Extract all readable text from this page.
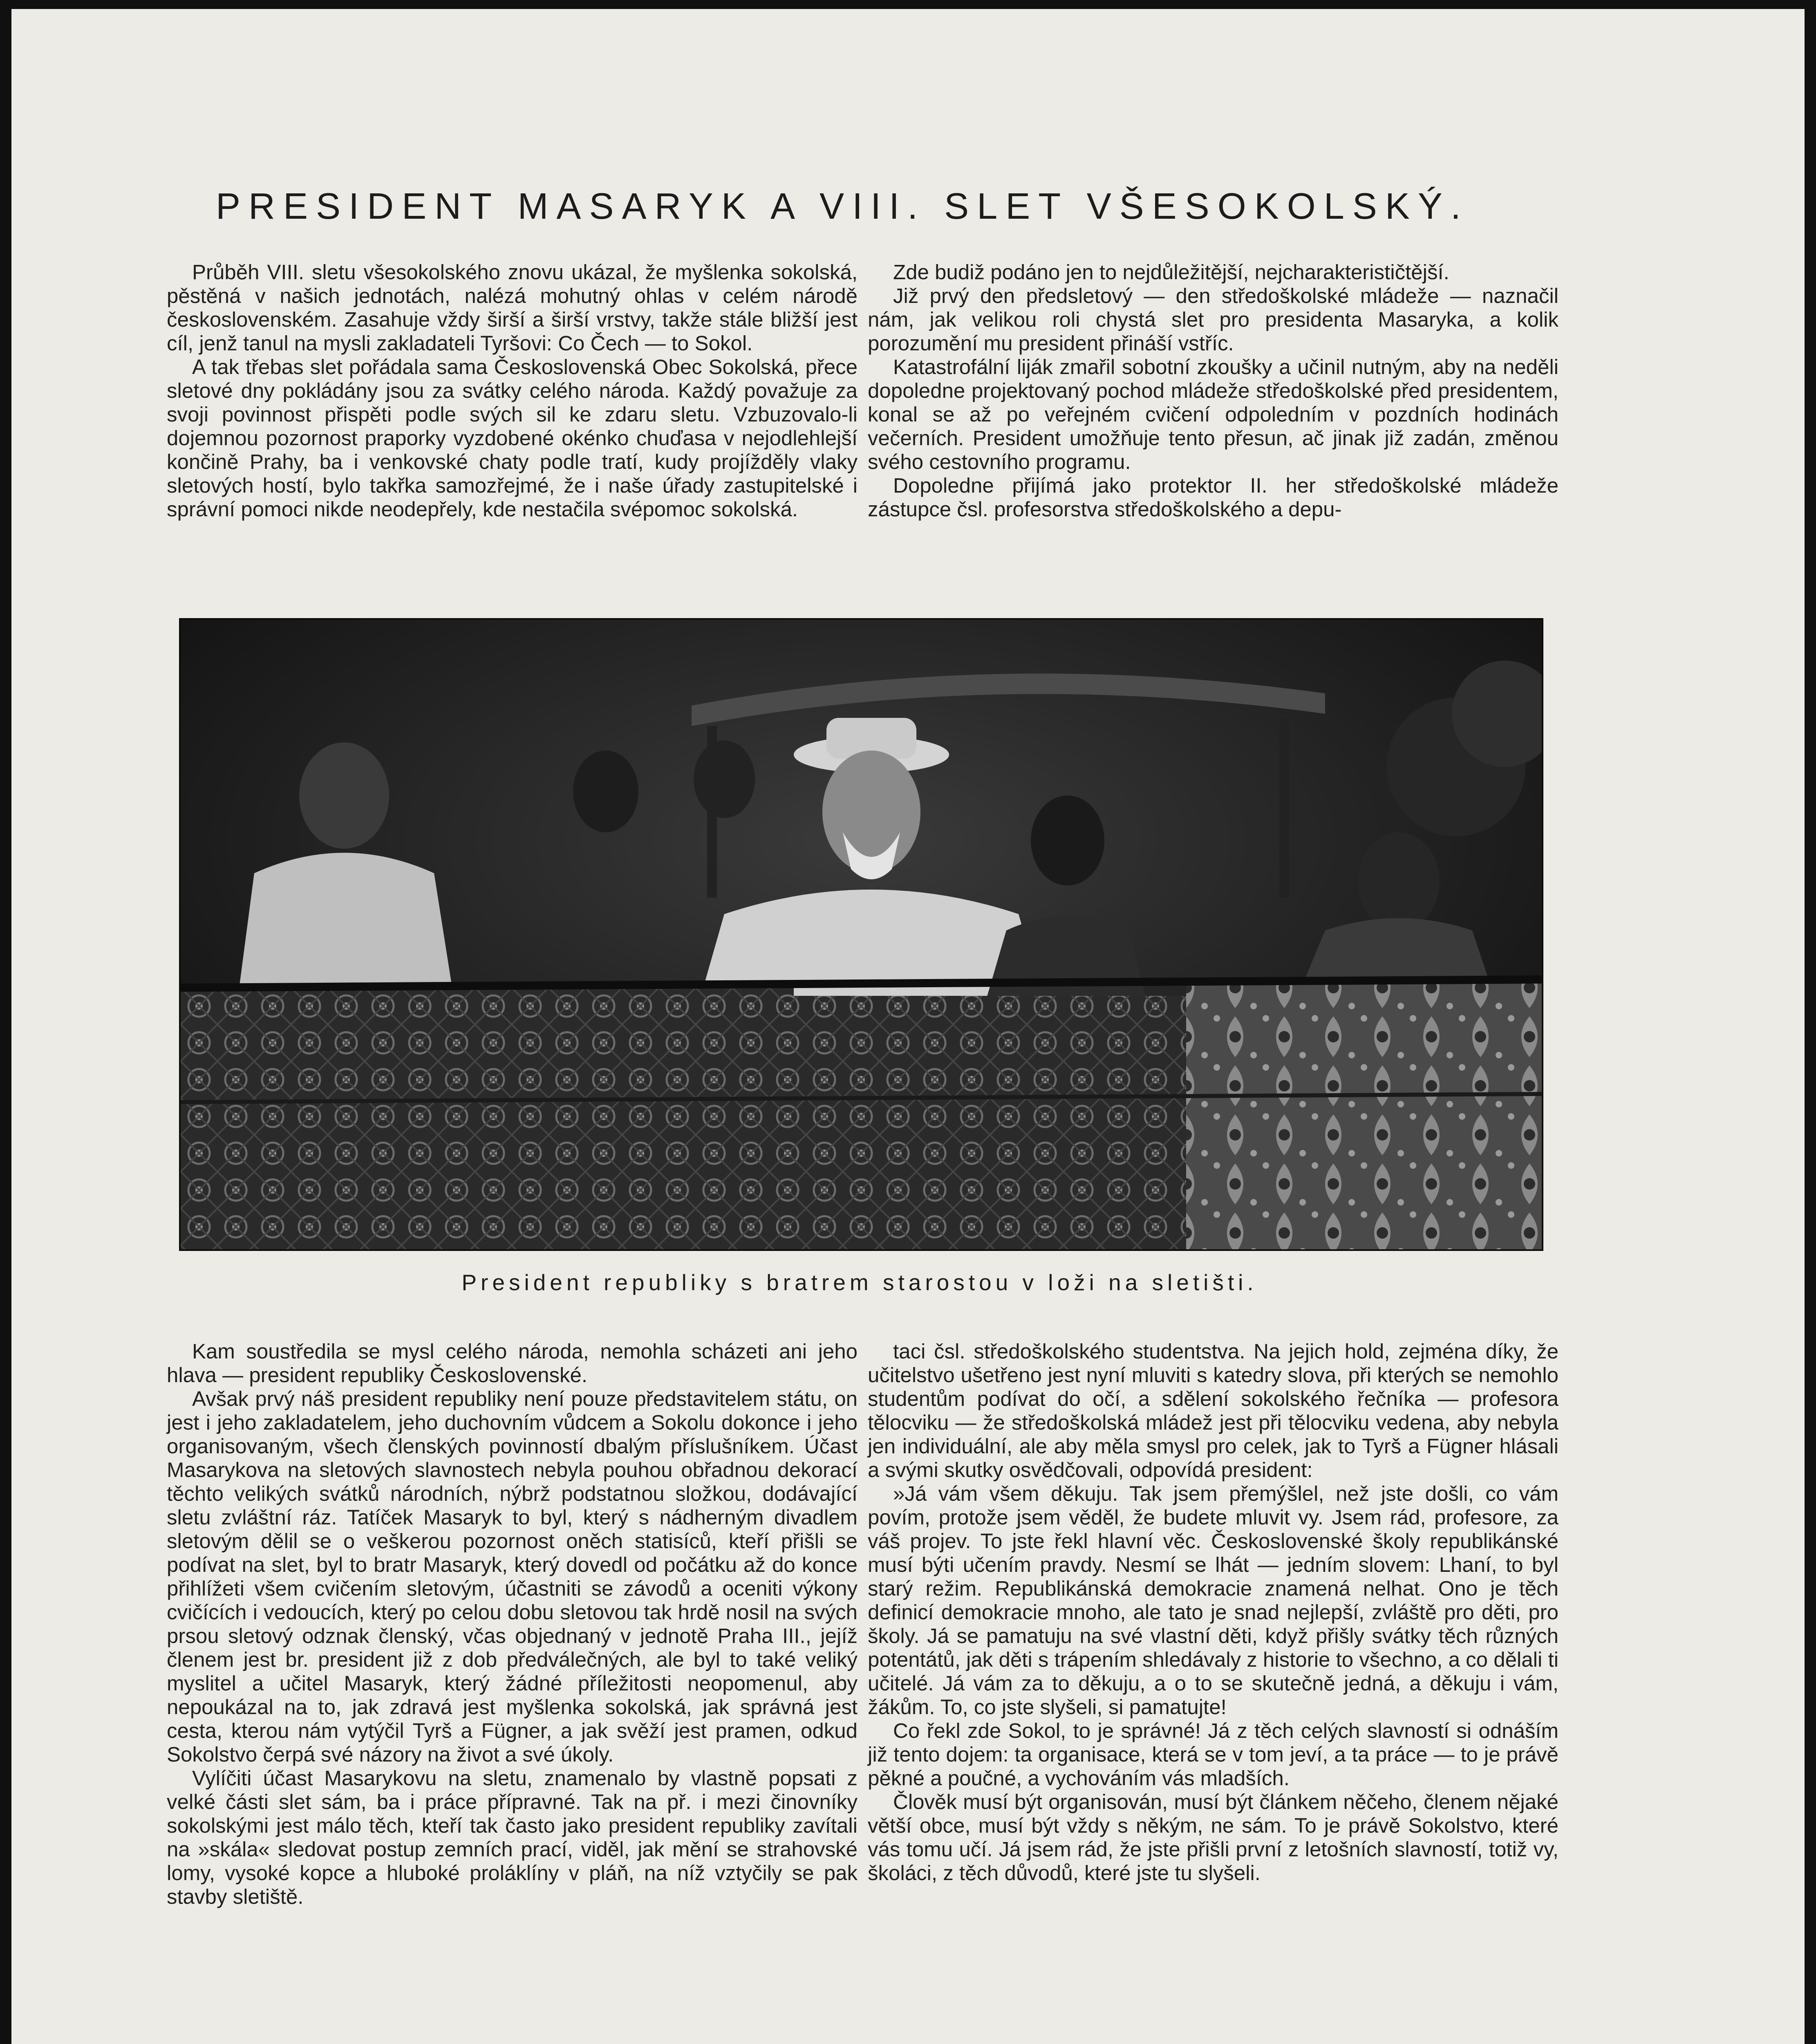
PRESIDENT MASARYK A VIII. SLET VŠESOKOLSKÝ.

Průběh VIII. sletu všesokolského znovu ukázal, že myšlenka sokolská, pěstěná v našich jednotách, nalézá mohutný ohlas v celém národě československém. Zasahuje vždy širší a širší vrstvy, takže stále bližší jest cíl, jenž tanul na mysli zakladateli Tyršovi: Co Čech — to Sokol.

A tak třebas slet pořádala sama Československá Obec Sokolská, přece sletové dny pokládány jsou za svátky celého národa. Každý považuje za svoji povinnost přispěti podle svých sil ke zdaru sletu. Vzbuzovalo-li dojemnou pozornost praporky vyzdobené okénko chuďasa v nejodlehlejší končině Prahy, ba i venkovské chaty podle tratí, kudy projížděly vlaky sletových hostí, bylo takřka samozřejmé, že i naše úřady zastupitelské i správní pomoci nikde neodepřely, kde nestačila svépomoc sokolská.

Zde budiž podáno jen to nejdůležitější, nejcharakterističtější.

Již prvý den předsletový — den středoškolské mládeže — naznačil nám, jak velikou roli chystá slet pro presidenta Masaryka, a kolik porozumění mu president přináší vstříc.

Katastrofální liják zmařil sobotní zkoušky a učinil nutným, aby na neděli dopoledne projektovaný pochod mládeže středoškolské před presidentem, konal se až po veřejném cvičení odpoledním v pozdních hodinách večerních. President umožňuje tento přesun, ač jinak již zadán, změnou svého cestovního programu.

Dopoledne přijímá jako protektor II. her středoškolské mládeže zástupce čsl. profesorstva středoškolského a depu-

President republiky s bratrem starostou v loži na sletišti.

Kam soustředila se mysl celého národa, nemohla scházeti ani jeho hlava — president republiky Československé.

Avšak prvý náš president republiky není pouze představitelem státu, on jest i jeho zakladatelem, jeho duchovním vůdcem a Sokolu dokonce i jeho organisovaným, všech členských povinností dbalým příslušníkem. Účast Masarykova na sletových slavnostech nebyla pouhou obřadnou dekorací těchto velikých svátků národních, nýbrž podstatnou složkou, dodávající sletu zvláštní ráz. Tatíček Masaryk to byl, který s nádherným divadlem sletovým dělil se o veškerou pozornost oněch statisíců, kteří přišli se podívat na slet, byl to bratr Masaryk, který dovedl od počátku až do konce přihlížeti všem cvičením sletovým, účastniti se závodů a oceniti výkony cvičících i vedoucích, který po celou dobu sletovou tak hrdě nosil na svých prsou sletový odznak členský, včas objednaný v jednotě Praha III., jejíž členem jest br. president již z dob předválečných, ale byl to také veliký myslitel a učitel Masaryk, který žádné příležitosti neopomenul, aby nepoukázal na to, jak zdravá jest myšlenka sokolská, jak správná jest cesta, kterou nám vytýčil Tyrš a Fügner, a jak svěží jest pramen, odkud Sokolstvo čerpá své názory na život a své úkoly.

Vylíčiti účast Masarykovu na sletu, znamenalo by vlastně popsati z velké části slet sám, ba i práce přípravné. Tak na př. i mezi činovníky sokolskými jest málo těch, kteří tak často jako president republiky zavítali na »skála« sledovat postup zemních prací, viděl, jak mění se strahovské lomy, vysoké kopce a hluboké proláklíny v pláň, na níž vztyčily se pak stavby sletiště.

taci čsl. středoškolského studentstva. Na jejich hold, zejména díky, že učitelstvo ušetřeno jest nyní mluviti s katedry slova, při kterých se nemohlo studentům podívat do očí, a sdělení sokolského řečníka — profesora tělocviku — že středoškolská mládež jest při tělocviku vedena, aby nebyla jen individuální, ale aby měla smysl pro celek, jak to Tyrš a Fügner hlásali a svými skutky osvědčovali, odpovídá president:

»Já vám všem děkuju. Tak jsem přemýšlel, než jste došli, co vám povím, protože jsem věděl, že budete mluvit vy. Jsem rád, profesore, za váš projev. To jste řekl hlavní věc. Československé školy republikánské musí býti učením pravdy. Nesmí se lhát — jedním slovem: Lhaní, to byl starý režim. Republikánská demokracie znamená nelhat. Ono je těch definicí demokracie mnoho, ale tato je snad nejlepší, zvláště pro děti, pro školy. Já se pamatuju na své vlastní děti, když přišly svátky těch různých potentátů, jak děti s trápením shledávaly z historie to všechno, a co dělali ti učitelé. Já vám za to děkuju, a o to se skutečně jedná, a děkuju i vám, žákům. To, co jste slyšeli, si pamatujte!

Co řekl zde Sokol, to je správné! Já z těch celých slavností si odnáším již tento dojem: ta organisace, která se v tom jeví, a ta práce — to je právě pěkné a poučné, a vychováním vás mladších.

Člověk musí být organisován, musí být článkem něčeho, členem nějaké větší obce, musí být vždy s někým, ne sám. To je právě Sokolstvo, které vás tomu učí. Já jsem rád, že jste přišli první z letošních slavností, totiž vy, školáci, z těch důvodů, které jste tu slyšeli.
